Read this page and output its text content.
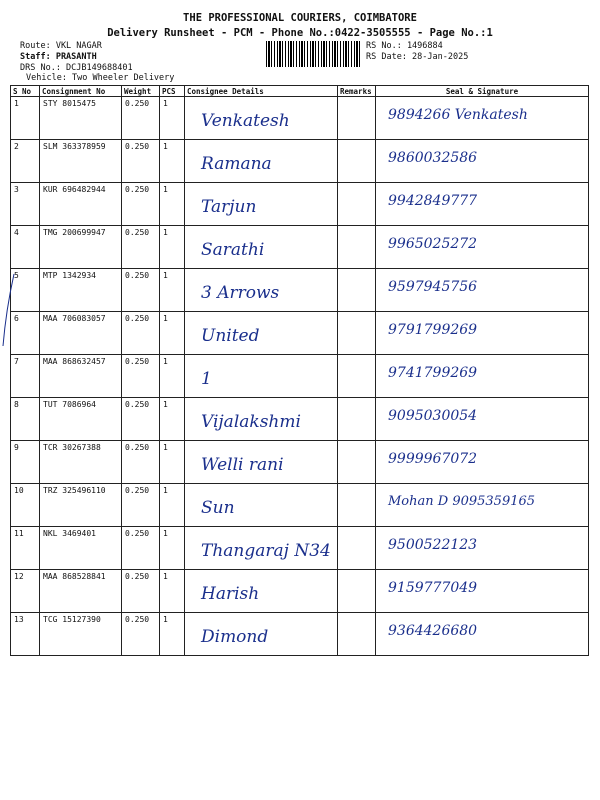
THE PROFESSIONAL COURIERS, COIMBATORE
Delivery Runsheet - PCM - Phone No.:0422-3505555 - Page No.:1
Route: VKL NAGAR
Staff: PRASANTH
DRS No.: DCJB149688401
Vehicle: Two Wheeler Delivery
RS No.: 1496884
RS Date: 28-Jan-2025
S No	Consignment No	Weight	PCS	Consignee Details	Remarks	Seal & Signature
1	STY 8015475	0.250	1	Venkatesh		9894266 Venkatesh

2	SLM 363378959	0.250	1	Ramana		9860032586

3	KUR 696482944	0.250	1	Tarjun		9942849777

4	TMG 200699947	0.250	1	Sarathi		9965025272

5	MTP 1342934	0.250	1	3 Arrows		9597945756

6	MAA 706083057	0.250	1	United		9791799269

7	MAA 868632457	0.250	1	1		9741799269

8	TUT 7086964	0.250	1	Vijalakshmi		9095030054

9	TCR 30267388	0.250	1	Welli rani		9999967072

10	TRZ 325496110	0.250	1	Sun		Mohan D 9095359165

11	NKL 3469401	0.250	1	Thangaraj N34		9500522123

12	MAA 868528841	0.250	1	Harish		9159777049

13	TCG 15127390	0.250	1	Dimond		9364426680
